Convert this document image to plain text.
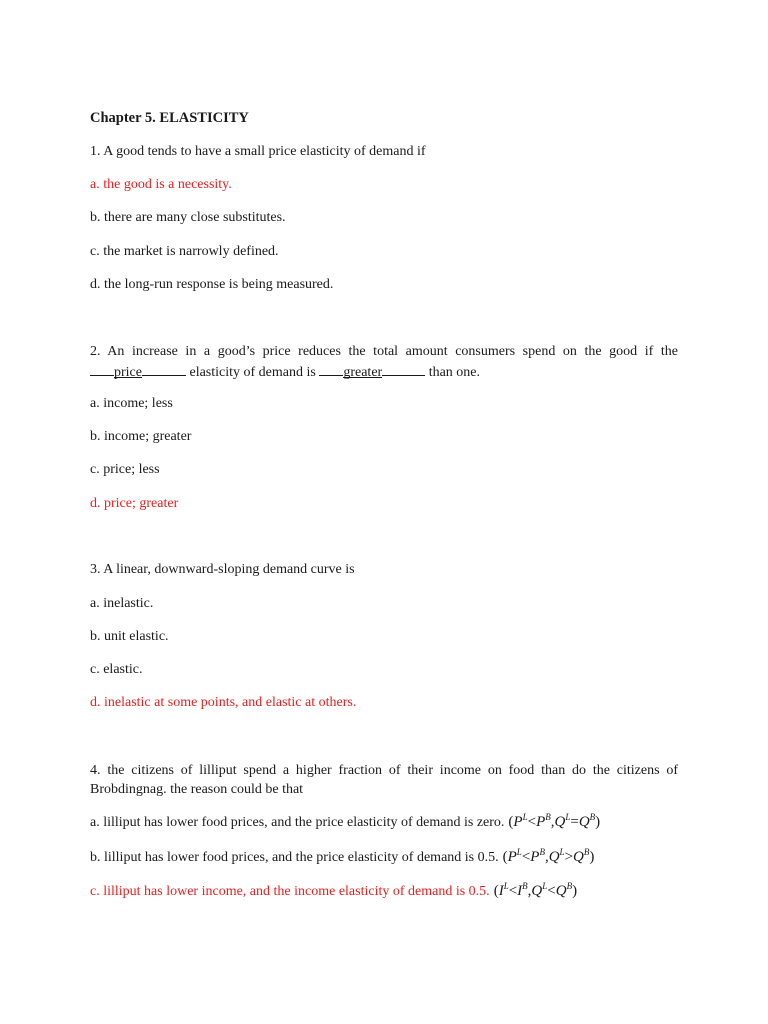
Chapter 5. ELASTICITY
1. A good tends to have a small price elasticity of demand if
a. the good is a necessity.
b. there are many close substitutes.
c. the market is narrowly defined.
d. the long-run response is being measured.
2. An increase in a good’s price reduces the total amount consumers spend on the good if the
price	elasticity of demand is greater	than one.
a. income; less
b. income; greater
c. price; less
d. price; greater
3. A linear, downward-sloping demand curve is
a. inelastic.
b. unit elastic.
c. elastic.
d. inelastic at some points, and elastic at others.
4. the citizens of lilliput spend a higher fraction of their income on food than do the citizens of Brobdingnag. the reason could be that
a. lilliput has lower food prices, and the price elasticity of demand is zero. $(P^L<P^B,Q^L=Q^B)$
b. lilliput has lower food prices, and the price elasticity of demand is 0.5. $(P^L<P^B,Q^L>Q^B)$
c. lilliput has lower income, and the income elasticity of demand is 0.5. $(I^L<I^B,Q^L<Q^B)$
